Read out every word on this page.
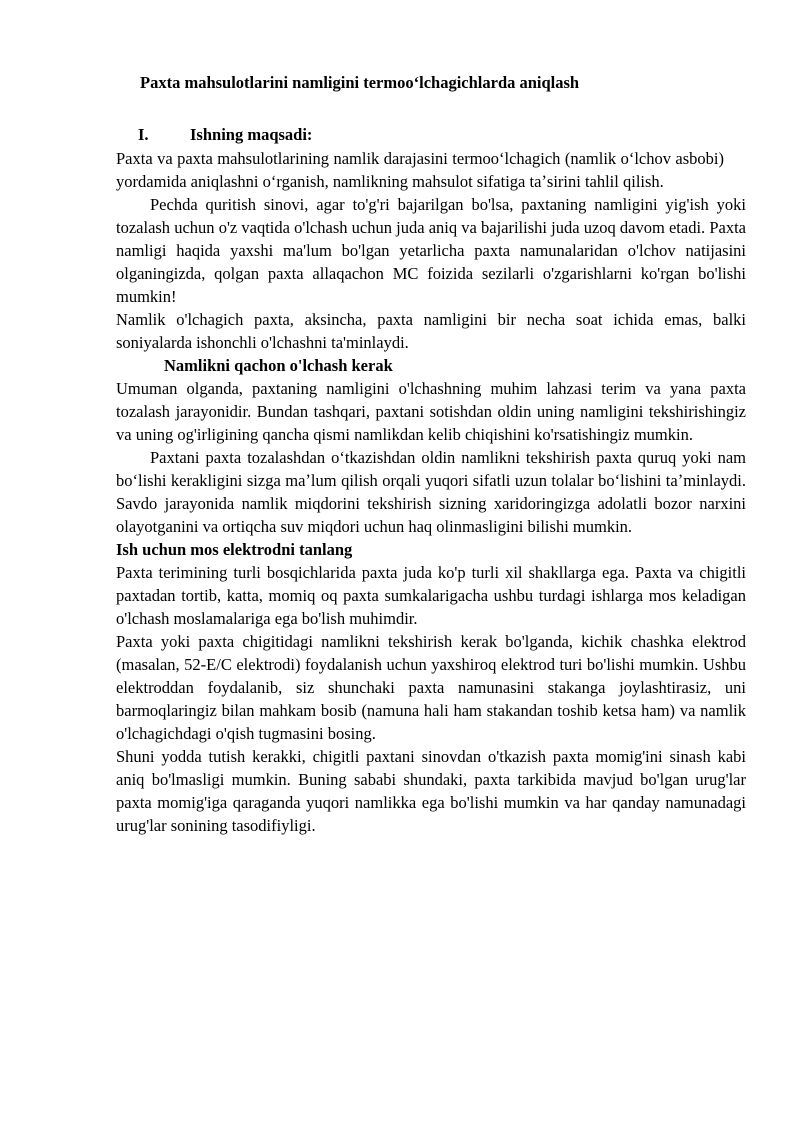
Paxta mahsulotlarini namligini termooʻlchagichlarda aniqlash
I.	Ishning maqsadi:

Paxta va paxta mahsulotlarining namlik darajasini termooʻlchagich (namlik oʻlchov asbobi) yordamida aniqlashni oʻrganish, namlikning mahsulot sifatiga taʼsirini tahlil qilish.

Pechda quritish sinovi, agar to'g'ri bajarilgan bo'lsa, paxtaning namligini yig'ish yoki tozalash uchun o'z vaqtida o'lchash uchun juda aniq va bajarilishi juda uzoq davom etadi. Paxta namligi haqida yaxshi ma'lum bo'lgan yetarlicha paxta namunalaridan o'lchov natijasini olganingizda, qolgan paxta allaqachon MC foizida sezilarli o'zgarishlarni ko'rgan bo'lishi mumkin!

Namlik o'lchagich paxta, aksincha, paxta namligini bir necha soat ichida emas, balki soniyalarda ishonchli o'lchashni ta'minlaydi.

Namlikni qachon o'lchash kerak
Umuman olganda, paxtaning namligini o'lchashning muhim lahzasi terim va yana paxta tozalash jarayonidir. Bundan tashqari, paxtani sotishdan oldin uning namligini tekshirishingiz va uning og'irligining qancha qismi namlikdan kelib chiqishini ko'rsatishingiz mumkin.

Paxtani paxta tozalashdan oʻtkazishdan oldin namlikni tekshirish paxta quruq yoki nam boʻlishi kerakligini sizga maʼlum qilish orqali yuqori sifatli uzun tolalar boʻlishini taʼminlaydi. Savdo jarayonida namlik miqdorini tekshirish sizning xaridoringizga adolatli bozor narxini olayotganini va ortiqcha suv miqdori uchun haq olinmasligini bilishi mumkin.

Ish uchun mos elektrodni tanlang

Paxta terimining turli bosqichlarida paxta juda ko'p turli xil shakllarga ega. Paxta va chigitli paxtadan tortib, katta, momiq oq paxta sumkalarigacha ushbu turdagi ishlarga mos keladigan o'lchash moslamalariga ega bo'lish muhimdir.

Paxta yoki paxta chigitidagi namlikni tekshirish kerak bo'lganda, kichik chashka elektrod (masalan, 52-E/C elektrodi) foydalanish uchun yaxshiroq elektrod turi bo'lishi mumkin. Ushbu elektroddan foydalanib, siz shunchaki paxta namunasini stakanga joylashtirasiz, uni barmoqlaringiz bilan mahkam bosib (namuna hali ham stakandan toshib ketsa ham) va namlik o'lchagichdagi o'qish tugmasini bosing.

Shuni yodda tutish kerakki, chigitli paxtani sinovdan o'tkazish paxta momig'ini sinash kabi aniq bo'lmasligi mumkin. Buning sababi shundaki, paxta tarkibida mavjud bo'lgan urug'lar paxta momig'iga qaraganda yuqori namlikka ega bo'lishi mumkin va har qanday namunadagi urug'lar sonining tasodifiyligi.
